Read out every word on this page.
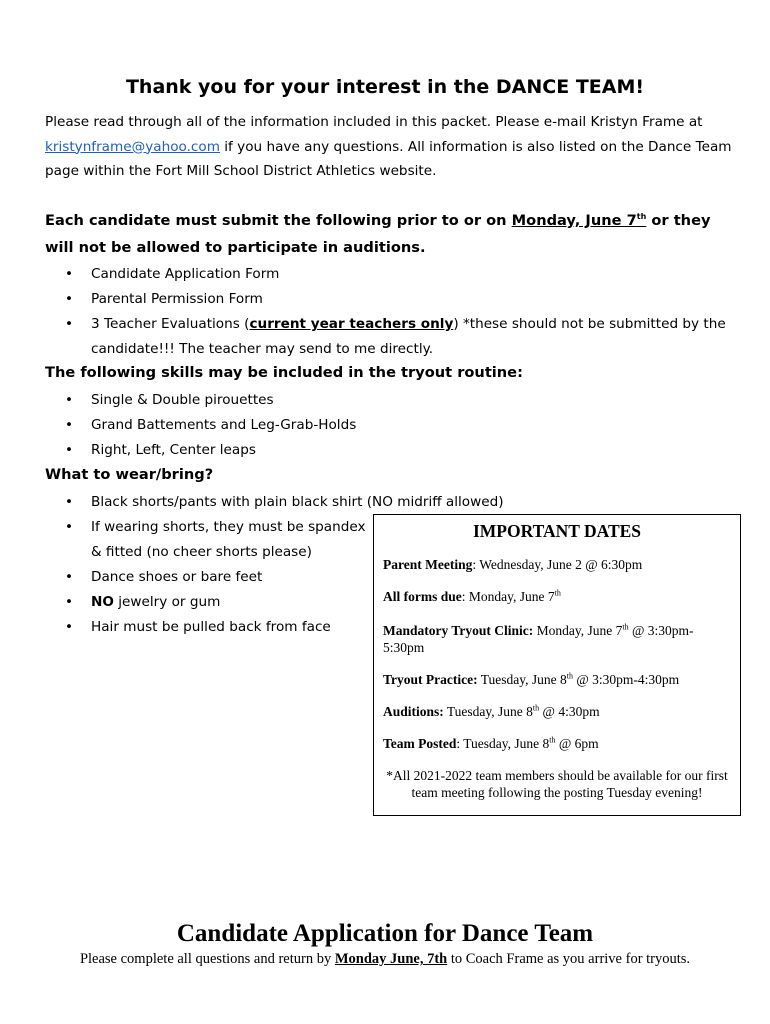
Thank you for your interest in the DANCE TEAM!
Please read through all of the information included in this packet. Please e-mail Kristyn Frame at kristynframe@yahoo.com if you have any questions. All information is also listed on the Dance Team page within the Fort Mill School District Athletics website.
Each candidate must submit the following prior to or on Monday, June 7th or they will not be allowed to participate in auditions.
• Candidate Application Form
• Parental Permission Form
• 3 Teacher Evaluations (current year teachers only) *these should not be submitted by the candidate!!! The teacher may send to me directly.
The following skills may be included in the tryout routine:
• Single & Double pirouettes
• Grand Battements and Leg-Grab-Holds
• Right, Left, Center leaps
What to wear/bring?
• Black shorts/pants with plain black shirt (NO midriff allowed)
• If wearing shorts, they must be spandex
& fitted (no cheer shorts please)
• Dance shoes or bare feet
• NO jewelry or gum
• Hair must be pulled back from face
IMPORTANT DATES
Parent Meeting: Wednesday, June 2 @ 6:30pm
All forms due: Monday, June 7th
Mandatory Tryout Clinic: Monday, June 7th @ 3:30pm-5:30pm
Tryout Practice: Tuesday, June 8th @ 3:30pm-4:30pm
Auditions: Tuesday, June 8th @ 4:30pm
Team Posted: Tuesday, June 8th @ 6pm
*All 2021-2022 team members should be available for our first team meeting following the posting Tuesday evening!
Candidate Application for Dance Team
Please complete all questions and return by Monday June, 7th to Coach Frame as you arrive for tryouts.
